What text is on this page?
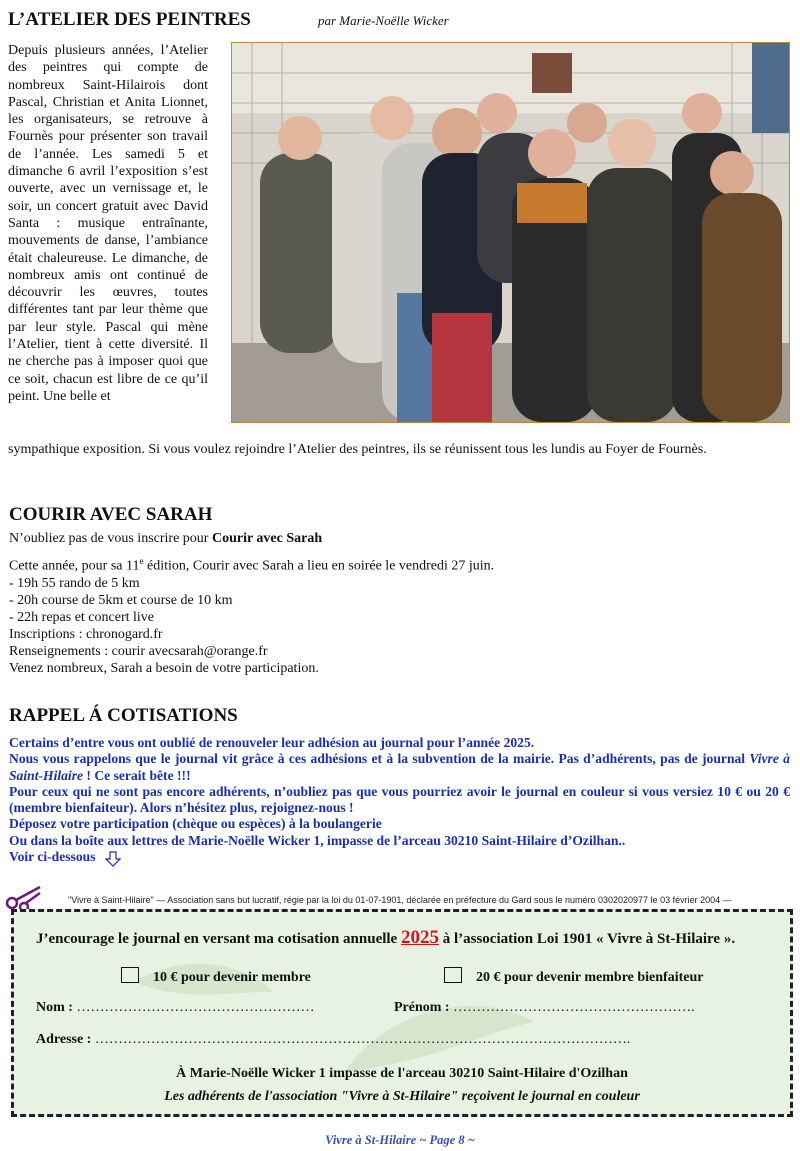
L’ATELIER DES PEINTRES	par Marie-Noëlle Wicker
Depuis plusieurs années, l’Atelier des peintres qui compte de nombreux Saint-Hilairois dont Pascal, Christian et Anita Lionnet, les organisateurs, se retrouve à Fournès pour présenter son travail de l’année. Les samedi 5 et dimanche 6 avril l’exposition s’est ouverte, avec un vernissage et, le soir, un concert gratuit avec David Santa : musique entraînante, mouvements de danse, l’ambiance était chaleureuse. Le dimanche, de nombreux amis ont continué de découvrir les œuvres, toutes différentes tant par leur thème que par leur style. Pascal qui mène l’Atelier, tient à cette diversité. Il ne cherche pas à imposer quoi que ce soit, chacun est libre de ce qu’il peint. Une belle et
sympathique exposition. Si vous voulez rejoindre l’Atelier des peintres, ils se réunissent tous les lundis au Foyer de Fournès.
COURIR AVEC SARAH

N’oubliez pas de vous inscrire pour Courir avec Sarah

Cette année, pour sa 11e édition, Courir avec Sarah a lieu en soirée le vendredi 27 juin.

- 19h 55 rando de 5 km

- 20h course de 5km et course de 10 km

- 22h repas et concert live

Inscriptions : chronogard.fr

Renseignements : courir avecsarah@orange.fr

Venez nombreux, Sarah a besoin de votre participation.

RAPPEL Á COTISATIONS

Certains d’entre vous ont oublié de renouveler leur adhésion au journal pour l’année 2025.

Nous vous rappelons que le journal vit grâce à ces adhésions et à la subvention de la mairie. Pas d’adhérents, pas de journal Vivre à Saint-Hilaire ! Ce serait bête !!!

Pour ceux qui ne sont pas encore adhérents, n’oubliez pas que vous pourriez avoir le journal en couleur si vous versiez 10 € ou 20 € (membre bienfaiteur). Alors n’hésitez plus, rejoignez-nous !

Déposez votre participation (chèque ou espèces) à la boulangerie

Ou dans la boîte aux lettres de Marie-Noëlle Wicker 1, impasse de l’arceau 30210 Saint-Hilaire d’Ozilhan..

Voir ci-dessous

"Vivre à Saint-Hilaire" — Association sans but lucratif, régie par la loi du 01-07-1901, déclarée en préfecture du Gard sous le numéro 0302020977 le 03 février 2004 —
J’encourage le journal en versant ma cotisation annuelle 2025 à l’association Loi 1901 « Vivre à St-Hilaire ».
10 € pour devenir membre	20 € pour devenir membre bienfaiteur
Nom : ……………………………………………	Prénom : …………………………………………….
Adresse : …………………………………………………………………………………………………….
À Marie-Noëlle Wicker 1 impasse de l'arceau 30210 Saint-Hilaire d'Ozilhan
Les adhérents de l'association "Vivre à St-Hilaire" reçoivent le journal en couleur
Vivre à St-Hilaire ~ Page 8 ~
